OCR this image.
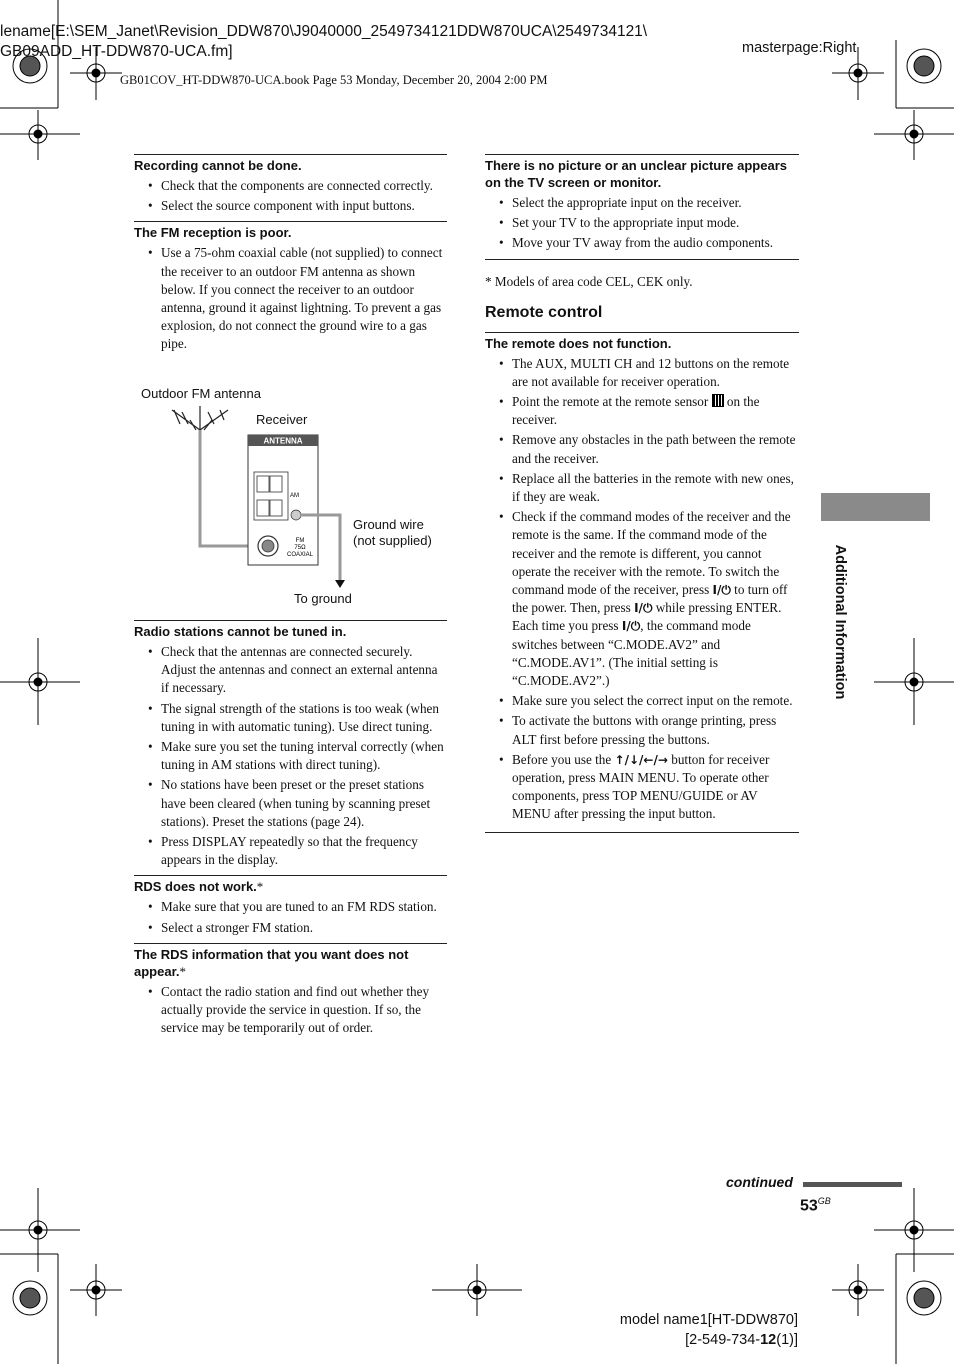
lename[E:\SEM_Janet\Revision_DDW870\J9040000_2549734121DDW870UCA\2549734121\
GB09ADD_HT-DDW870-UCA.fm]	masterpage:Right
GB01COV_HT-DDW870-UCA.book Page 53 Monday, December 20, 2004 2:00 PM
Recording cannot be done.
• Check that the components are connected correctly.
• Select the source component with input buttons.
The FM reception is poor.
• Use a 75-ohm coaxial cable (not supplied) to connect the receiver to an outdoor FM antenna as shown below. If you connect the receiver to an outdoor antenna, ground it against lightning. To prevent a gas explosion, do not connect the ground wire to a gas pipe.
Outdoor FM antenna
Receiver
Ground wire
(not supplied)
To ground
ANTENNA
AM
FM
75Ω
COAXIAL
Radio stations cannot be tuned in.
• Check that the antennas are connected securely. Adjust the antennas and connect an external antenna if necessary.
• The signal strength of the stations is too weak (when tuning in with automatic tuning). Use direct tuning.
• Make sure you set the tuning interval correctly (when tuning in AM stations with direct tuning).
• No stations have been preset or the preset stations have been cleared (when tuning by scanning preset stations). Preset the stations (page 24).
• Press DISPLAY repeatedly so that the frequency appears in the display.
RDS does not work.*
• Make sure that you are tuned to an FM RDS station.
• Select a stronger FM station.
The RDS information that you want does not appear.*
• Contact the radio station and find out whether they actually provide the service in question. If so, the service may be temporarily out of order.
There is no picture or an unclear picture appears on the TV screen or monitor.
• Select the appropriate input on the receiver.
• Set your TV to the appropriate input mode.
• Move your TV away from the audio components.
* Models of area code CEL, CEK only.
Remote control
The remote does not function.
• The AUX, MULTI CH and 12 buttons on the remote are not available for receiver operation.
• Point the remote at the remote sensor on the receiver.
• Remove any obstacles in the path between the remote and the receiver.
• Replace all the batteries in the remote with new ones, if they are weak.
• Check if the command modes of the receiver and the remote is the same. If the command mode of the receiver and the remote is different, you cannot operate the receiver with the remote. To switch the command mode of the receiver, press I/⏻ to turn off the power. Then, press I/⏻ while pressing ENTER. Each time you press I/⏻, the command mode switches between “C.MODE.AV2” and “C.MODE.AV1”. (The initial setting is “C.MODE.AV2”.)
• Make sure you select the correct input on the remote.
• To activate the buttons with orange printing, press ALT first before pressing the buttons.
• Before you use the ↑/↓/←/→ button for receiver operation, press MAIN MENU. To operate other components, press TOP MENU/GUIDE or AV MENU after pressing the input button.
Additional Information
continued
$53^{GB}$
model name1[HT-DDW870]
[2-549-734-12(1)]
